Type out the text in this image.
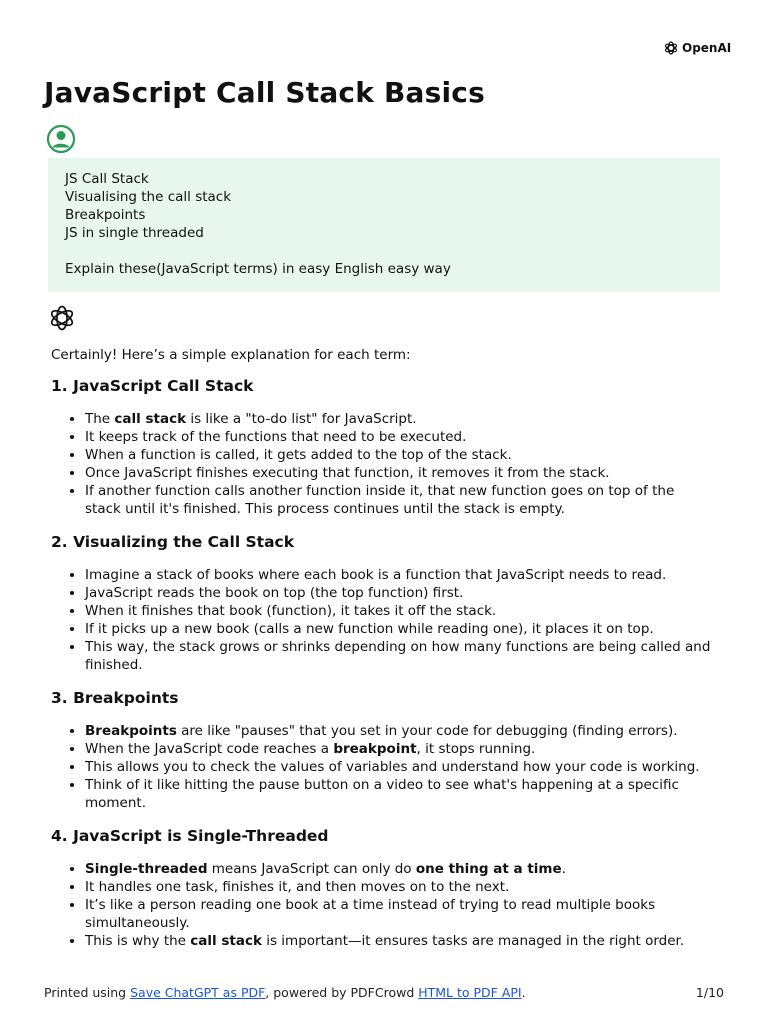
OpenAI
JavaScript Call Stack Basics
JS Call Stack
Visualising the call stack
Breakpoints
JS in single threaded
Explain these(JavaScript terms) in easy English easy way

Certainly! Here’s a simple explanation for each term:

1. JavaScript Call Stack
• The call stack is like a "to-do list" for JavaScript.
• It keeps track of the functions that need to be executed.
• When a function is called, it gets added to the top of the stack.
• Once JavaScript finishes executing that function, it removes it from the stack.
• If another function calls another function inside it, that new function goes on top of the stack until it's finished. This process continues until the stack is empty.
2. Visualizing the Call Stack
• Imagine a stack of books where each book is a function that JavaScript needs to read.
• JavaScript reads the book on top (the top function) first.
• When it finishes that book (function), it takes it off the stack.
• If it picks up a new book (calls a new function while reading one), it places it on top.
• This way, the stack grows or shrinks depending on how many functions are being called and finished.
3. Breakpoints
• Breakpoints are like "pauses" that you set in your code for debugging (finding errors).
• When the JavaScript code reaches a breakpoint, it stops running.
• This allows you to check the values of variables and understand how your code is working.
• Think of it like hitting the pause button on a video to see what's happening at a specific moment.
4. JavaScript is Single-Threaded
• Single-threaded means JavaScript can only do one thing at a time.
• It handles one task, finishes it, and then moves on to the next.
• It’s like a person reading one book at a time instead of trying to read multiple books simultaneously.
• This is why the call stack is important—it ensures tasks are managed in the right order.
Printed using Save ChatGPT as PDF, powered by PDFCrowd HTML to PDF API.	1/10
